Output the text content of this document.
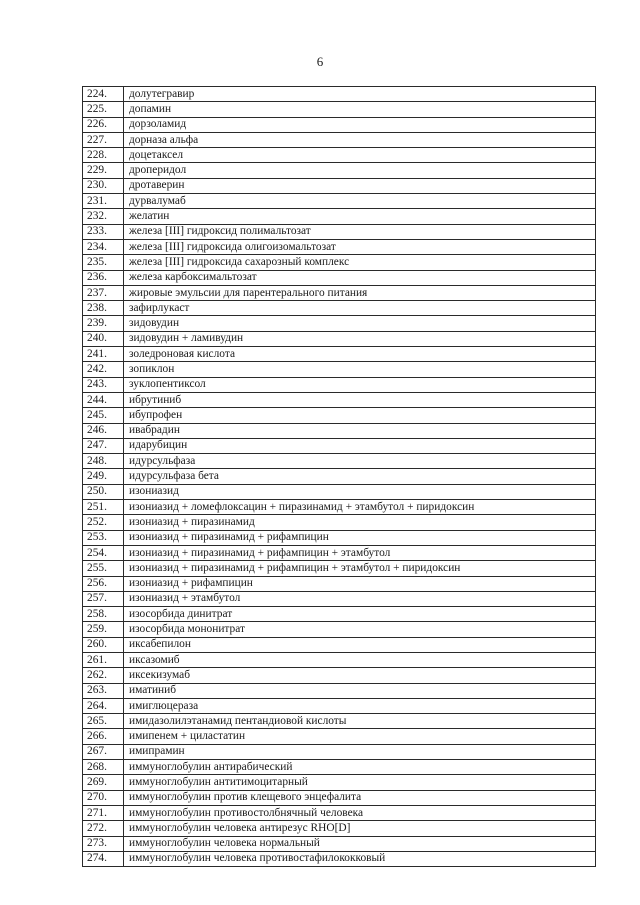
6
224.	долутегравир
225.	допамин
226.	дорзоламид
227.	дорназа альфа
228.	доцетаксел
229.	дроперидол
230.	дротаверин
231.	дурвалумаб
232.	желатин
233.	железа [III] гидроксид полимальтозат
234.	железа [III] гидроксида олигоизомальтозат
235.	железа [III] гидроксида сахарозный комплекс
236.	железа карбоксимальтозат
237.	жировые эмульсии для парентерального питания
238.	зафирлукаст
239.	зидовудин
240.	зидовудин + ламивудин
241.	золедроновая кислота
242.	зопиклон
243.	зуклопентиксол
244.	ибрутиниб
245.	ибупрофен
246.	ивабрадин
247.	идарубицин
248.	идурсульфаза
249.	идурсульфаза бета
250.	изониазид
251.	изониазид + ломефлоксацин + пиразинамид + этамбутол + пиридоксин
252.	изониазид + пиразинамид
253.	изониазид + пиразинамид + рифампицин
254.	изониазид + пиразинамид + рифампицин + этамбутол
255.	изониазид + пиразинамид + рифампицин + этамбутол + пиридоксин
256.	изониазид + рифампицин
257.	изониазид + этамбутол
258.	изосорбида динитрат
259.	изосорбида мононитрат
260.	иксабепилон
261.	иксазомиб
262.	иксекизумаб
263.	иматиниб
264.	имиглюцераза
265.	имидазолилэтанамид пентандиовой кислоты
266.	имипенем + циластатин
267.	имипрамин
268.	иммуноглобулин антирабический
269.	иммуноглобулин антитимоцитарный
270.	иммуноглобулин против клещевого энцефалита
271.	иммуноглобулин противостолбнячный человека
272.	иммуноглобулин человека антирезус RHO[D]
273.	иммуноглобулин человека нормальный
274.	иммуноглобулин человека противостафилококковый
